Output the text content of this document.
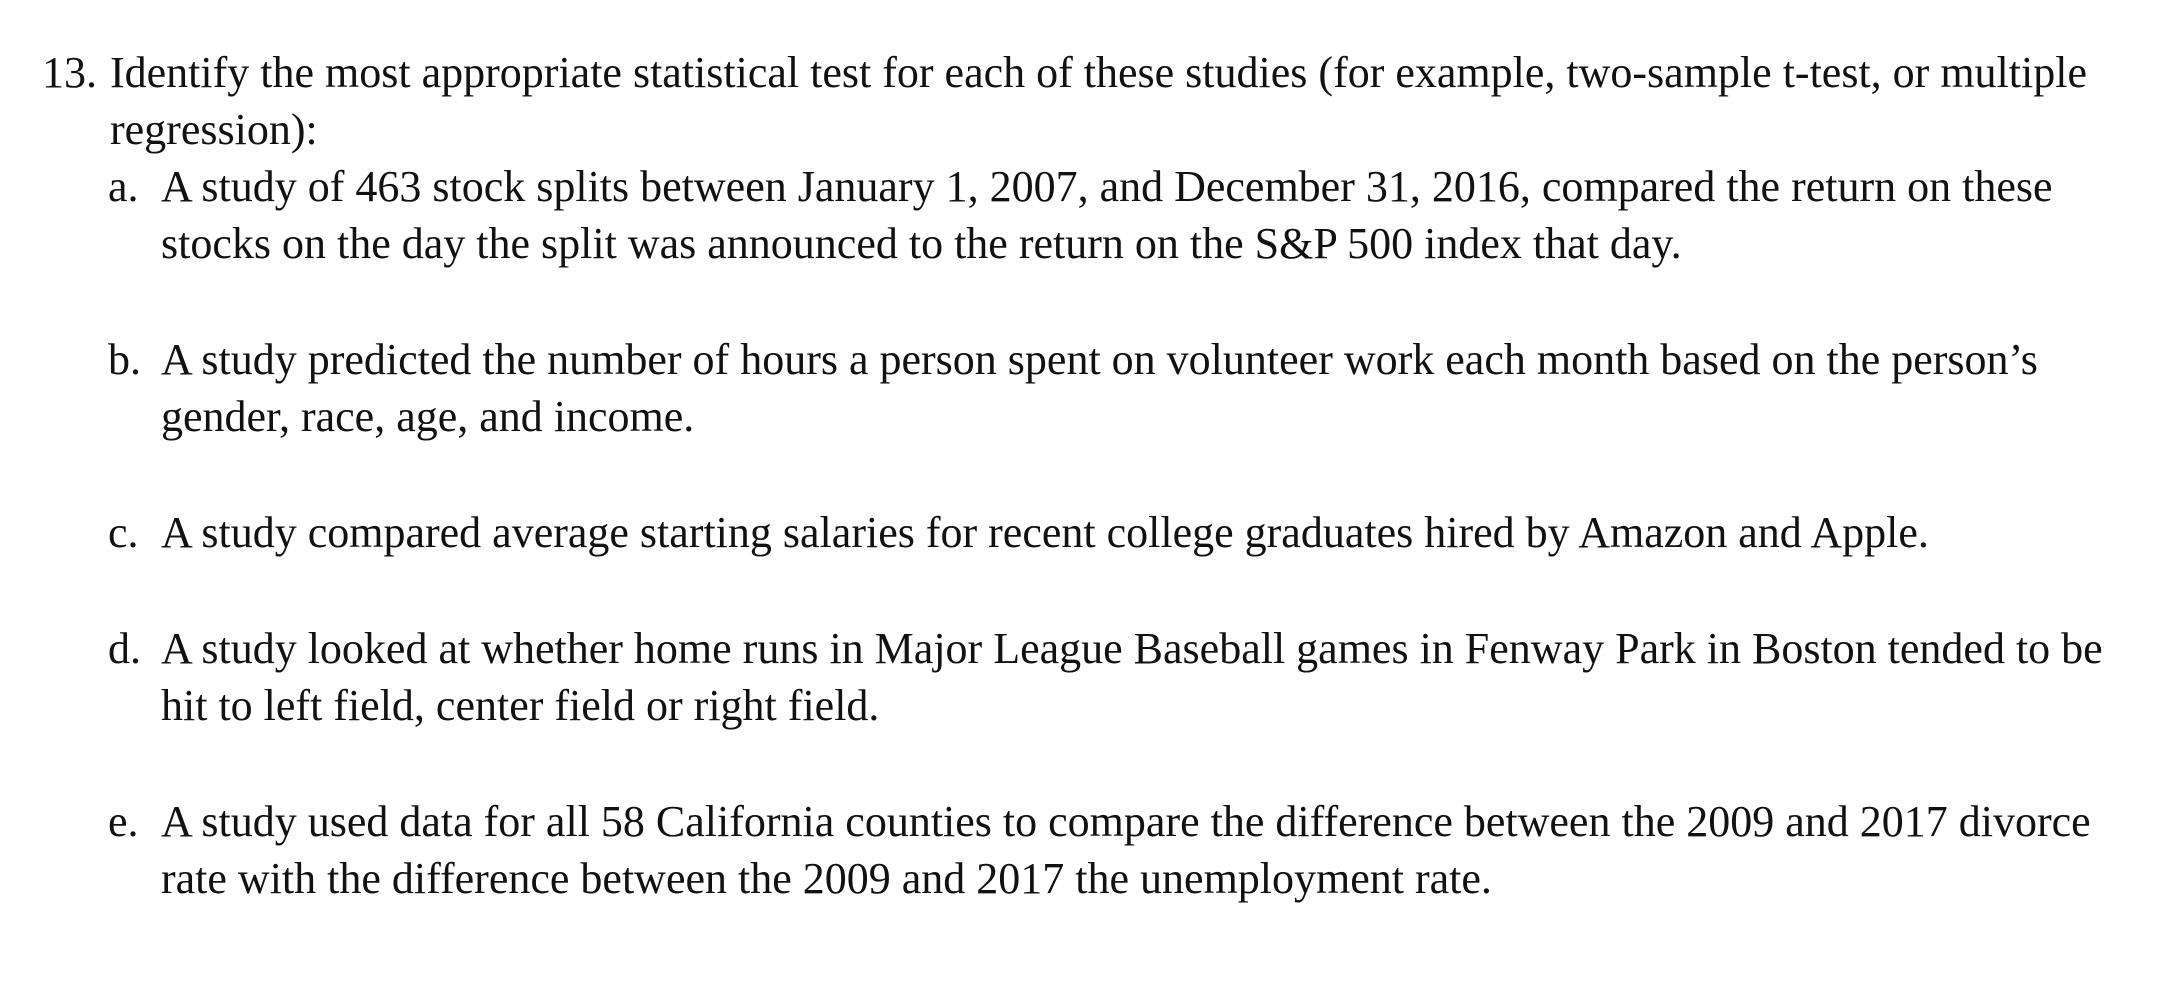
13. Identify the most appropriate statistical test for each of these studies (for example, two-sample t-test, or multiple regression):
a. A study of 463 stock splits between January 1, 2007, and December 31, 2016, compared the return on these stocks on the day the split was announced to the return on the S&P 500 index that day.
b. A study predicted the number of hours a person spent on volunteer work each month based on the person’s gender, race, age, and income.
c. A study compared average starting salaries for recent college graduates hired by Amazon and Apple.
d. A study looked at whether home runs in Major League Baseball games in Fenway Park in Boston tended to be hit to left field, center field or right field.
e. A study used data for all 58 California counties to compare the difference between the 2009 and 2017 divorce rate with the difference between the 2009 and 2017 the unemployment rate.
